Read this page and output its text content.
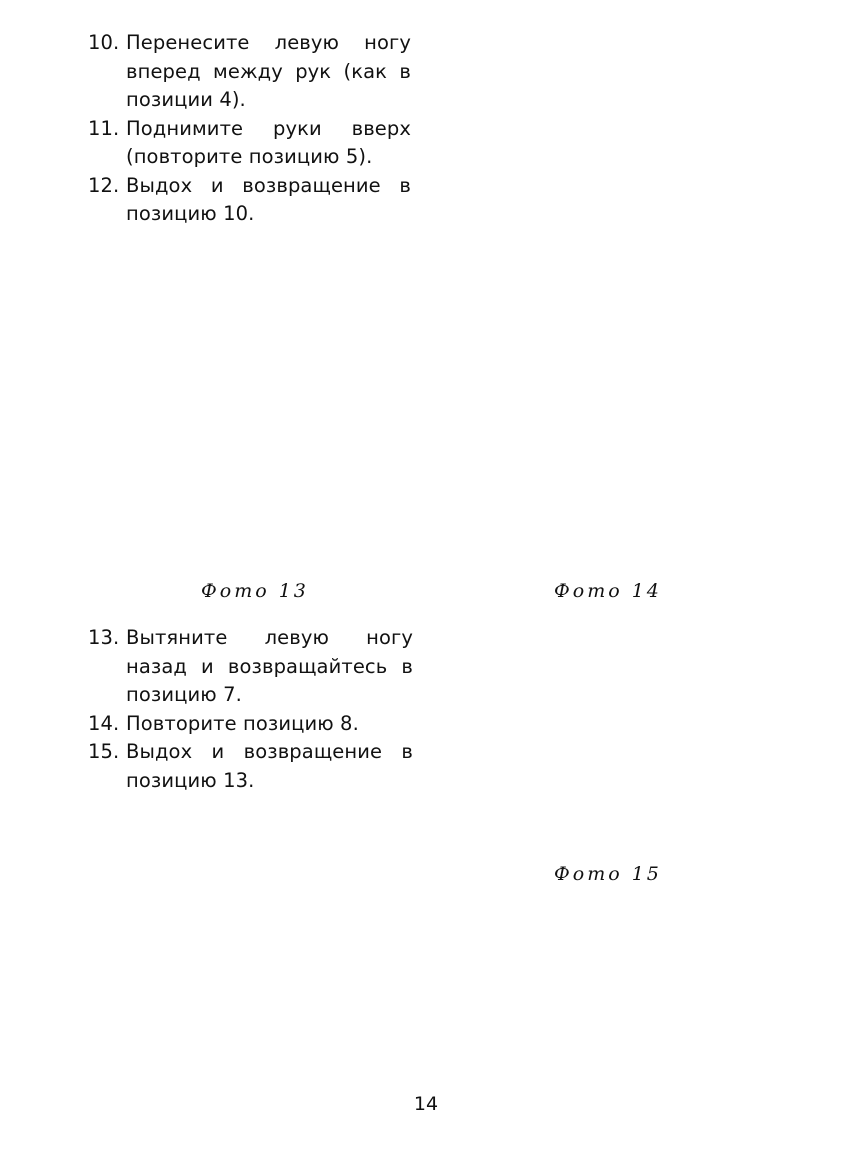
10. Перенесите левую ногу вперед между рук (как в позиции 4).
11. Поднимите руки вверх (повторите позицию 5).
12. Выдох и возвращение в позицию 10.
Фото 13	Фото 14
13. Вытяните левую ногу назад и возвращайтесь в позицию 7.
14. Повторите позицию 8.
15. Выдох и возвращение в позицию 13.
Фото 15
14
